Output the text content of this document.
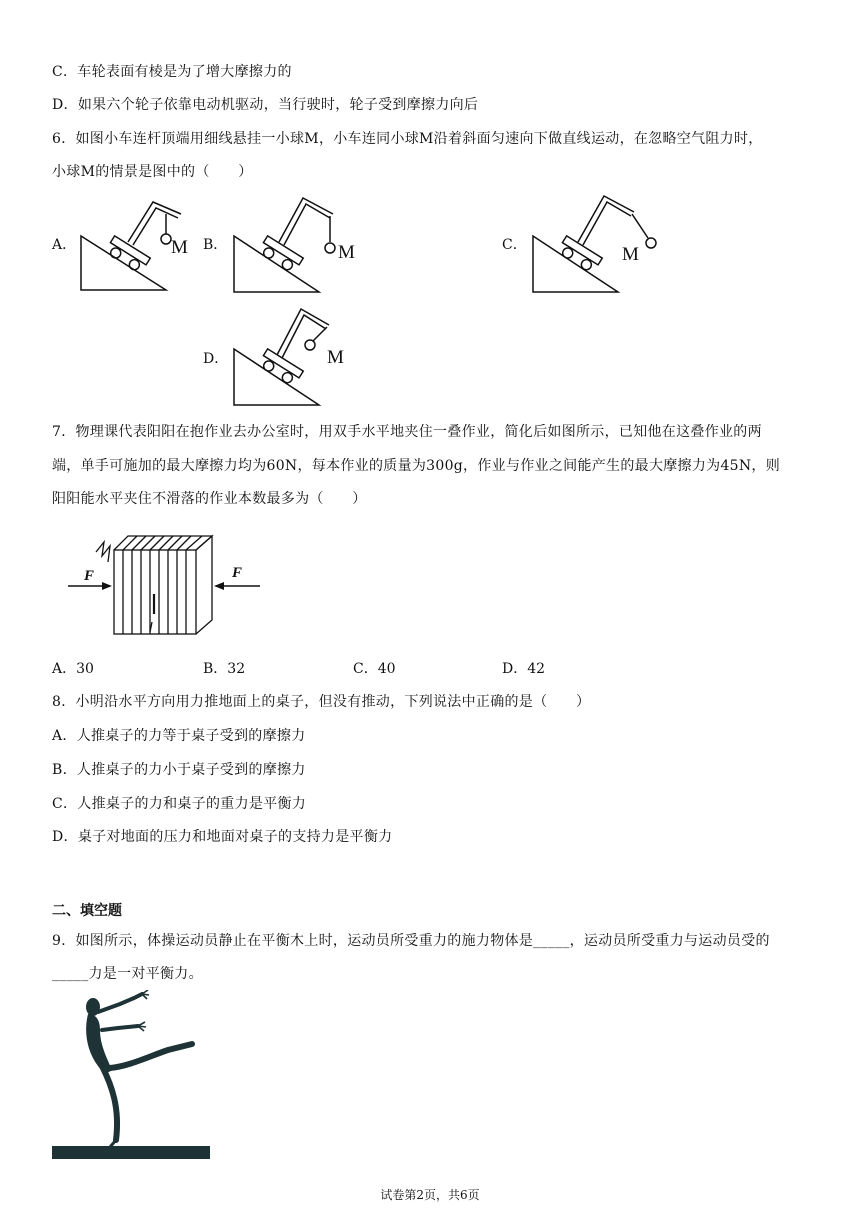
C．车轮表面有棱是为了增大摩擦力的
D．如果六个轮子依靠电动机驱动，当行驶时，轮子受到摩擦力向后
6．如图小车连杆顶端用细线悬挂一小球M，小车连同小球M沿着斜面匀速向下做直线运动，在忽略空气阻力时，
小球M的情景是图中的（　　）
A．	M B．	M	C．	M
D．	M
7．物理课代表阳阳在抱作业去办公室时，用双手水平地夹住一叠作业，简化后如图所示，已知他在这叠作业的两
端，单手可施加的最大摩擦力均为60N，每本作业的质量为300g，作业与作业之间能产生的最大摩擦力为45N，则
阳阳能水平夹住不滑落的作业本数最多为（　　）
F	F
A．30	B．32	C．40	D．42
8．小明沿水平方向用力推地面上的桌子，但没有推动，下列说法中正确的是（　　）
A．人推桌子的力等于桌子受到的摩擦力
B．人推桌子的力小于桌子受到的摩擦力
C．人推桌子的力和桌子的重力是平衡力
D．桌子对地面的压力和地面对桌子的支持力是平衡力
二、填空题
9．如图所示，体操运动员静止在平衡木上时，运动员所受重力的施力物体是_____，运动员所受重力与运动员受的
_____力是一对平衡力。
试卷第2页，共6页
